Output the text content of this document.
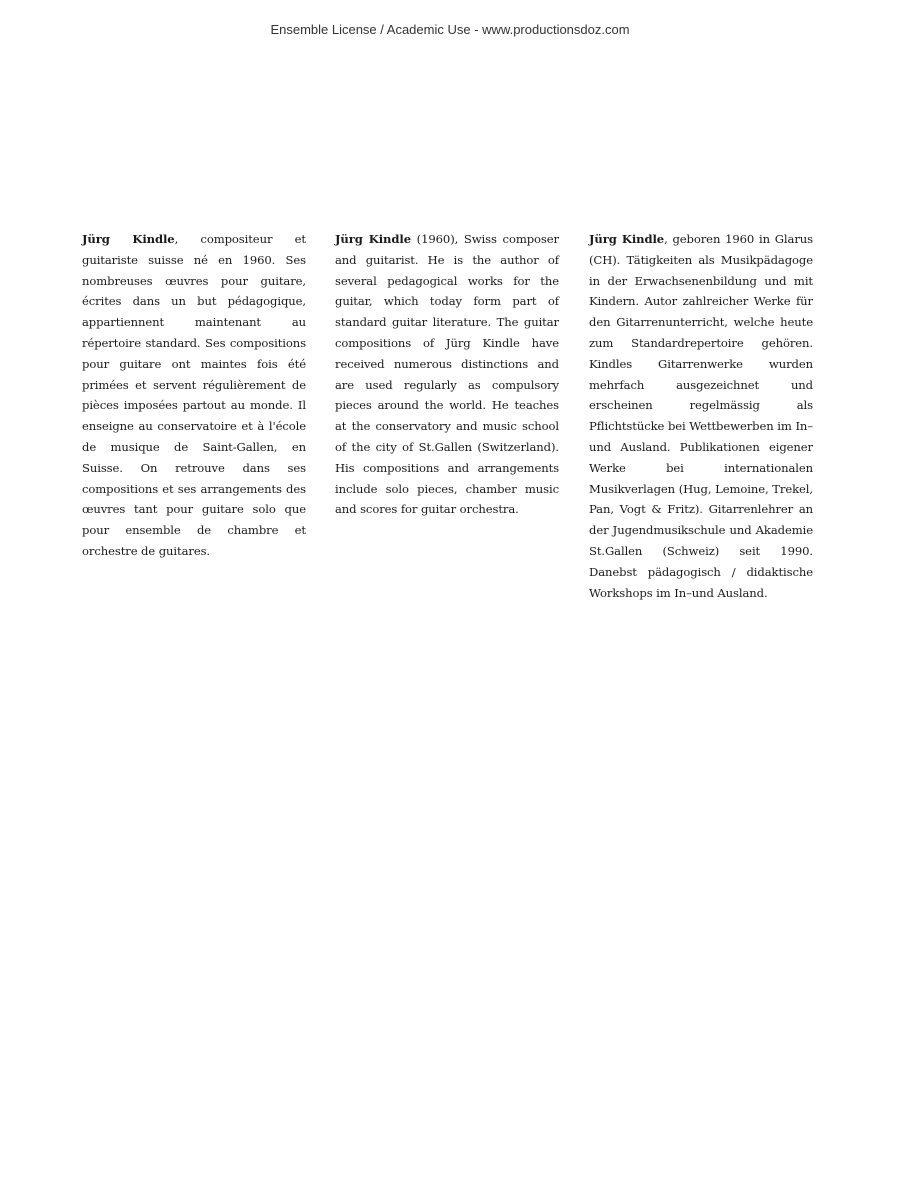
Ensemble License / Academic Use - www.productionsdoz.com

Jürg Kindle, compositeur et guitariste suisse né en 1960. Ses nombreuses œuvres pour guitare, écrites dans un but pédagogique, appartiennent maintenant au répertoire standard. Ses compositions pour guitare ont maintes fois été primées et servent régulièrement de pièces imposées partout au monde. Il enseigne au conservatoire et à l'école de musique de Saint-Gallen, en Suisse. On retrouve dans ses compositions et ses arrangements des œuvres tant pour guitare solo que pour ensemble de chambre et orchestre de guitares.

Jürg Kindle (1960), Swiss composer and guitarist. He is the author of several pedagogical works for the guitar, which today form part of standard guitar literature. The guitar compositions of Jürg Kindle have received numerous distinctions and are used regularly as compulsory pieces around the world. He teaches at the conservatory and music school of the city of St.Gallen (Switzerland). His compositions and arrangements include solo pieces, chamber music and scores for guitar orchestra.

Jürg Kindle, geboren 1960 in Glarus (CH). Tätigkeiten als Musikpädagoge in der Erwachsenenbildung und mit Kindern. Autor zahlreicher Werke für den Gitarrenunterricht, welche heute zum Standardrepertoire gehören. Kindles Gitarrenwerke wurden mehrfach ausgezeichnet und erscheinen regelmässig als Pflichtstücke bei Wettbewerben im In–und Ausland. Publikationen eigener Werke bei internationalen Musikverlagen (Hug, Lemoine, Trekel, Pan, Vogt & Fritz). Gitarrenlehrer an der Jugendmusikschule und Akademie St.Gallen (Schweiz) seit 1990. Danebst pädagogisch / didaktische Workshops im In–und Ausland.
